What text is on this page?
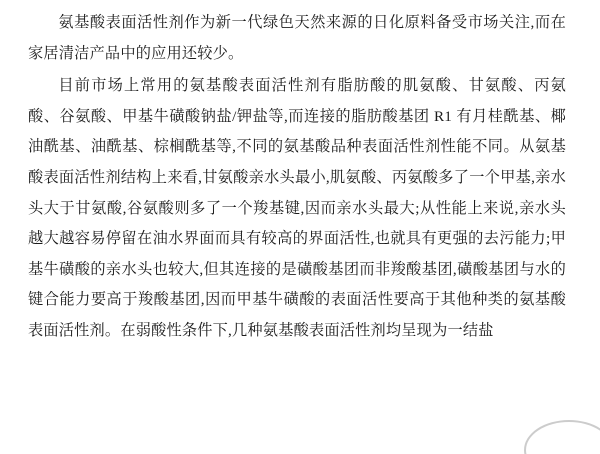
氨基酸表面活性剂作为新一代绿色天然来源的日化原料备受市场关注,而在家居清洁产品中的应用还较少。

目前市场上常用的氨基酸表面活性剂有脂肪酸的肌氨酸、甘氨酸、丙氨酸、谷氨酸、甲基牛磺酸钠盐/钾盐等,而连接的脂肪酸基团 R1 有月桂酰基、椰油酰基、油酰基、棕榈酰基等,不同的氨基酸品种表面活性剂性能不同。从氨基酸表面活性剂结构上来看,甘氨酸亲水头最小,肌氨酸、丙氨酸多了一个甲基,亲水头大于甘氨酸,谷氨酸则多了一个羧基键,因而亲水头最大;从性能上来说,亲水头越大越容易停留在油水界面而具有较高的界面活性,也就具有更强的去污能力;甲基牛磺酸的亲水头也较大,但其连接的是磺酸基团而非羧酸基团,磺酸基团与水的键合能力要高于羧酸基团,因而甲基牛磺酸的表面活性要高于其他种类的氨基酸表面活性剂。在弱酸性条件下,几种氨基酸表面活性剂均呈现为一结盐
